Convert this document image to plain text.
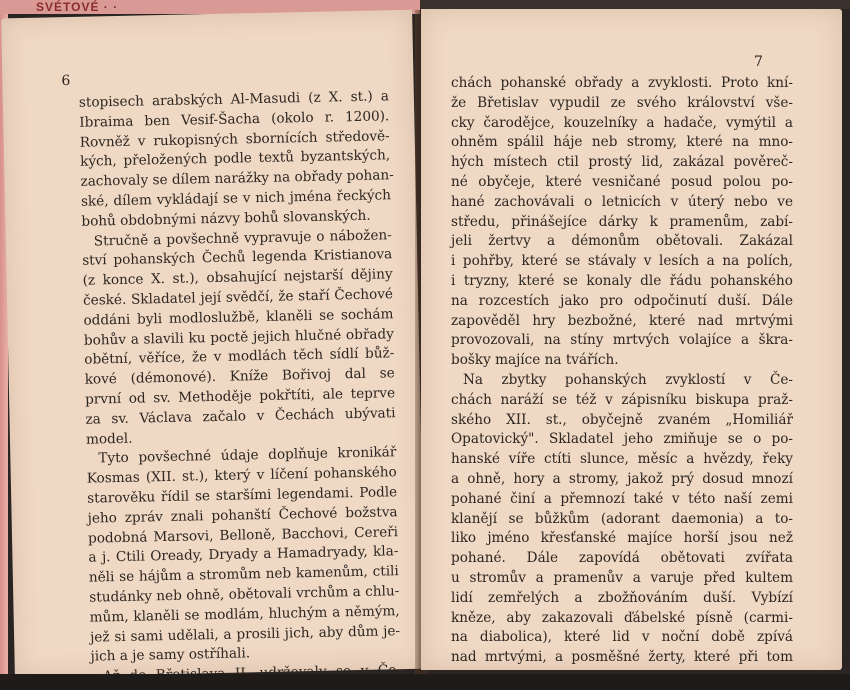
SVÉTOVÉ · ·
6
stopisech arabských Al-Masudi (z X. st.) a
Ibraima ben Vesif-Šacha (okolo r. 1200).
Rovněž v rukopisných sbornících středově-
kých, přeložených podle textů byzantských,
zachovaly se dílem narážky na obřady pohan-
ské, dílem vykládají se v nich jména řeckých
bohů obdobnými názvy bohů slovanských.
Stručně a povšechně vypravuje o nábožen-
ství pohanských Čechů legenda Kristianova
(z konce X. st.), obsahující nejstarší dějiny
české. Skladatel její svědčí, že staří Čechové
oddáni byli modloslužbě, klaněli se sochám
bohův a slavili ku poctě jejich hlučné obřady
obětní, věříce, že v modlách těch sídlí bůž-
kové (démonové). Kníže Bořivoj dal se
první od sv. Methoděje pokřtíti, ale teprve
za sv. Václava začalo v Čechách ubývati
model.
Tyto povšechné údaje doplňuje kronikář
Kosmas (XII. st.), který v líčení pohanského
starověku řídil se staršími legendami. Podle
jeho zpráv znali pohanští Čechové božstva
podobná Marsovi, Belloně, Bacchovi, Cereři
a j. Ctili Oready, Dryady a Hamadryady, kla-
něli se hájům a stromům neb kamenům, ctili
studánky neb ohně, obětovali vrchům a chlu-
mům, klaněli se modlám, hluchým a němým,
jež si sami udělali, a prosili jich, aby dům je-
jich a je samy ostříhali.
7
chách pohanské obřady a zvyklosti. Proto kní-
že Břetislav vypudil ze svého království vše-
cky čarodějce, kouzelníky a hadače, vymýtil a
ohněm spálil háje neb stromy, které na mno-
hých místech ctil prostý lid, zakázal pověreč-
né obyčeje, které vesničané posud polou po-
hané zachovávali o letnicích v úterý nebo ve
středu, přinášejíce dárky k pramenům, zabí-
jeli žertvy a démonům obětovali. Zakázal
i pohřby, které se stávaly v lesích a na polích,
i tryzny, které se konaly dle řádu pohanského
na rozcestích jako pro odpočinutí duší. Dále
zapověděl hry bezbožné, které nad mrtvými
provozovali, na stíny mrtvých volajíce a škra-
bošky majíce na tvářích.
Na zbytky pohanských zvyklostí v Če-
chách naráží se též v zápisníku biskupa praž-
ského XII. st., obyčejně zvaném „Homiliář
Opatovický". Skladatel jeho zmiňuje se o po-
hanské víře ctíti slunce, měsíc a hvězdy, řeky
a ohně, hory a stromy, jakož prý dosud mnozí
pohané činí a přemnozí také v této naší zemi
klanějí se bůžkům (adorant daemonia) a to-
liko jméno křesťanské majíce horší jsou než
pohané. Dále zapovídá obětovati zvířata
u stromův a pramenův a varuje před kultem
lidí zemřelých a zbožňováním duší. Vybízí
kněze, aby zakazovali ďábelské písně (carmi-
na diabolica), které lid v noční době zpívá
nad mrtvými, a posměšné žerty, které při tom
